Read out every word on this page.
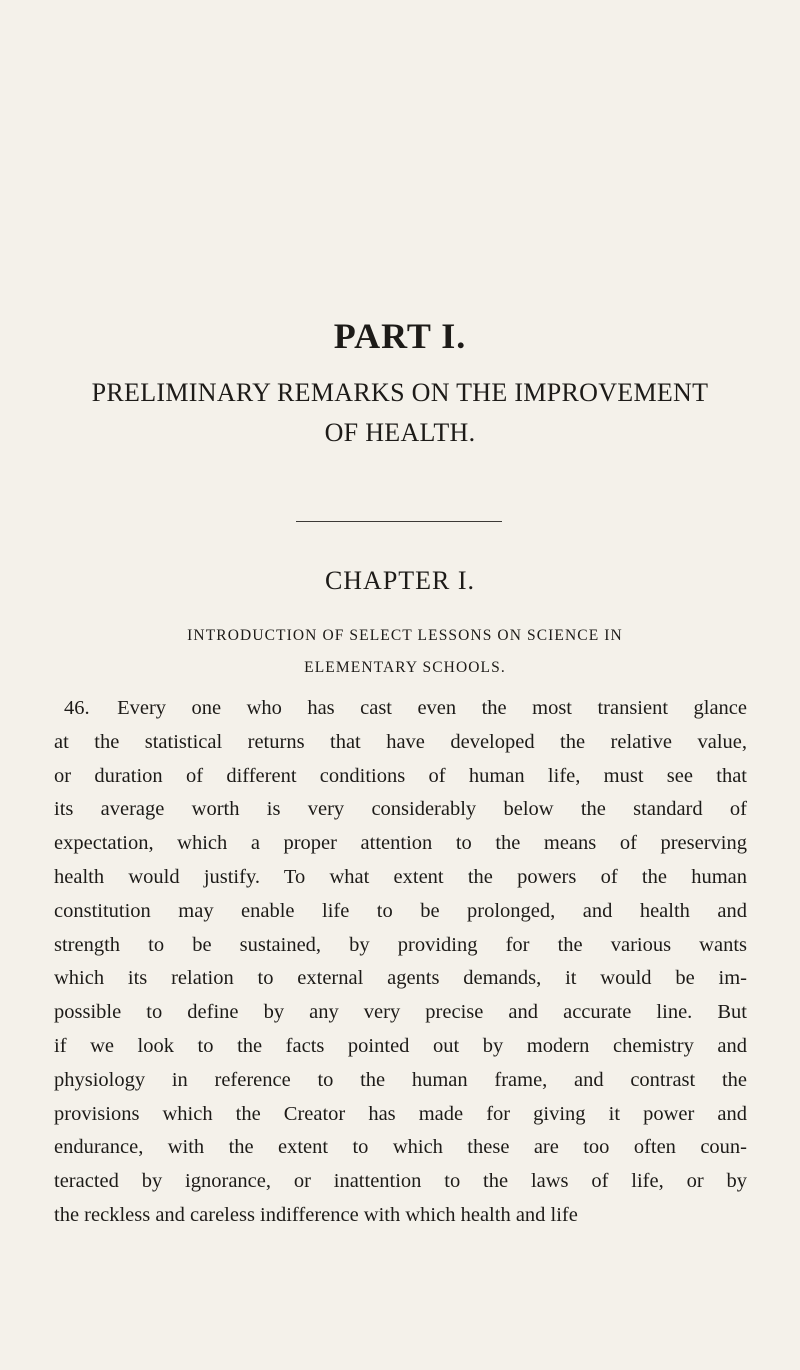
PART I.
PRELIMINARY REMARKS ON THE IMPROVEMENT
OF HEALTH.
CHAPTER I.
INTRODUCTION OF SELECT LESSONS ON SCIENCE IN
ELEMENTARY SCHOOLS.
46. Every one who has cast even the most transient glance
at the statistical returns that have developed the relative value,
or duration of different conditions of human life, must see that
its average worth is very considerably below the standard of
expectation, which a proper attention to the means of preserving
health would justify. To what extent the powers of the human
constitution may enable life to be prolonged, and health and
strength to be sustained, by providing for the various wants
which its relation to external agents demands, it would be im-
possible to define by any very precise and accurate line. But
if we look to the facts pointed out by modern chemistry and
physiology in reference to the human frame, and contrast the
provisions which the Creator has made for giving it power and
endurance, with the extent to which these are too often coun-
teracted by ignorance, or inattention to the laws of life, or by
the reckless and careless indifference with which health and life
